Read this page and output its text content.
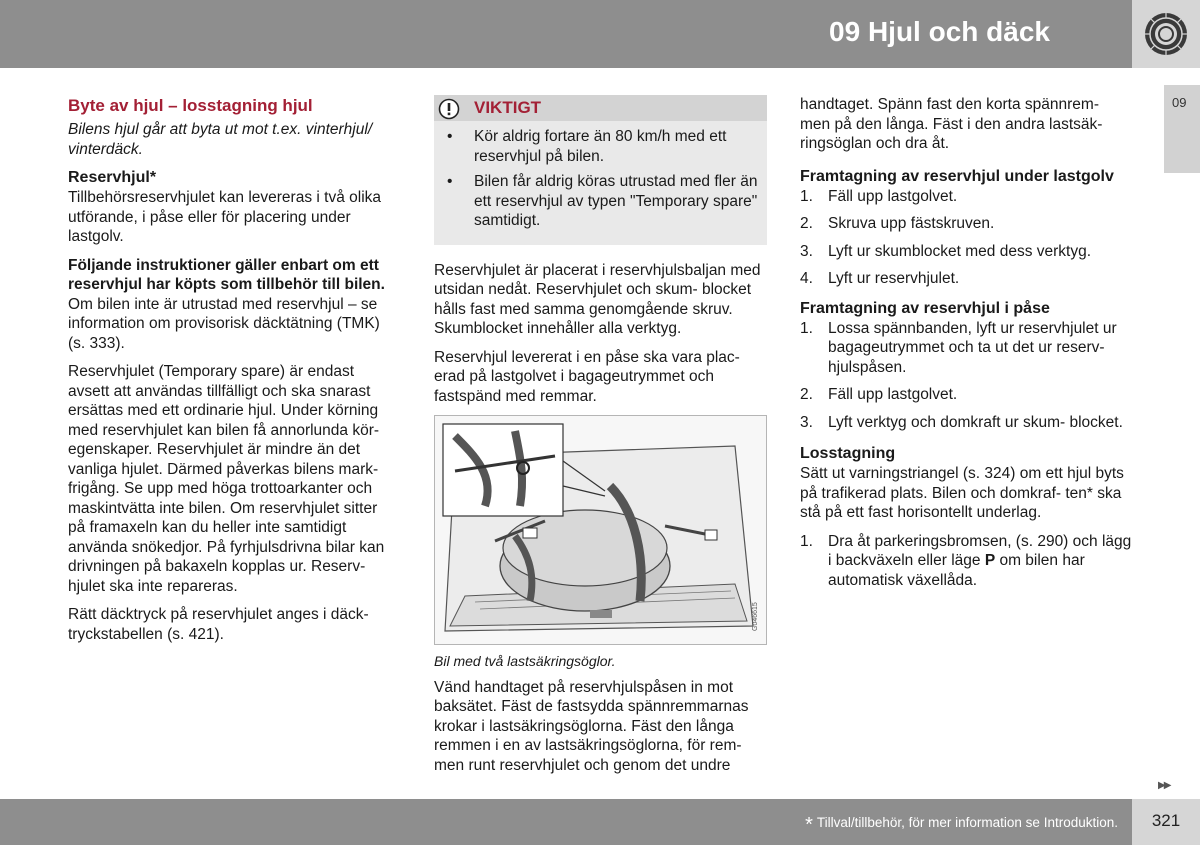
09 Hjul och däck
09

Byte av hjul – losstagning hjul

Bilens hjul går att byta ut mot t.ex. vinterhjul/ vinterdäck.

Reservhjul*

Tillbehörsreservhjulet kan levereras i två olika utförande, i påse eller för placering under lastgolv.

Följande instruktioner gäller enbart om ett reservhjul har köpts som tillbehör till bilen. Om bilen inte är utrustad med reservhjul – se information om provisorisk däcktätning (TMK) (s. 333).

Reservhjulet (Temporary spare) är endast avsett att användas tillfälligt och ska snarast ersättas med ett ordinarie hjul. Under körning med reservhjulet kan bilen få annorlunda kör- egenskaper. Reservhjulet är mindre än det vanliga hjulet. Därmed påverkas bilens mark- frigång. Se upp med höga trottoarkanter och maskintvätta inte bilen. Om reservhjulet sitter på framaxeln kan du heller inte samtidigt använda snökedjor. På fyrhjulsdrivna bilar kan drivningen på bakaxeln kopplas ur. Reserv- hjulet ska inte repareras.

Rätt däcktryck på reservhjulet anges i däck- tryckstabellen (s. 421).

VIKTIGT
• Kör aldrig fortare än 80 km/h med ett reservhjul på bilen.
• Bilen får aldrig köras utrustad med fler än ett reservhjul av typen "Temporary spare" samtidigt.

Reservhjulet är placerat i reservhjulsbaljan med utsidan nedåt. Reservhjulet och skum- blocket hålls fast med samma genomgående skruv. Skumblocket innehåller alla verktyg.

Reservhjul levererat i en påse ska vara plac- erad på lastgolvet i bagageutrymmet och fastspänd med remmar.

G046615

Bil med två lastsäkringsöglor.

Vänd handtaget på reservhjulspåsen in mot baksätet. Fäst de fastsydda spännremmarnas krokar i lastsäkringsöglorna. Fäst den långa remmen i en av lastsäkringsöglorna, för rem- men runt reservhjulet och genom det undre

handtaget. Spänn fast den korta spännrem- men på den långa. Fäst i den andra lastsäk- ringsöglan och dra åt.

Framtagning av reservhjul under lastgolv

1. Fäll upp lastgolvet.
2. Skruva upp fästskruven.
3. Lyft ur skumblocket med dess verktyg.
4. Lyft ur reservhjulet.

Framtagning av reservhjul i påse

1. Lossa spännbanden, lyft ur reservhjulet ur bagageutrymmet och ta ut det ur reserv- hjulspåsen.
2. Fäll upp lastgolvet.
3. Lyft verktyg och domkraft ur skum- blocket.

Losstagning

Sätt ut varningstriangel (s. 324) om ett hjul byts på trafikerad plats. Bilen och domkraf- ten* ska stå på ett fast horisontellt underlag.

1. Dra åt parkeringsbromsen, (s. 290) och lägg i backväxeln eller läge P om bilen har automatisk växellåda.
▶▶
* Tillval/tillbehör, för mer information se Introduktion.	321
